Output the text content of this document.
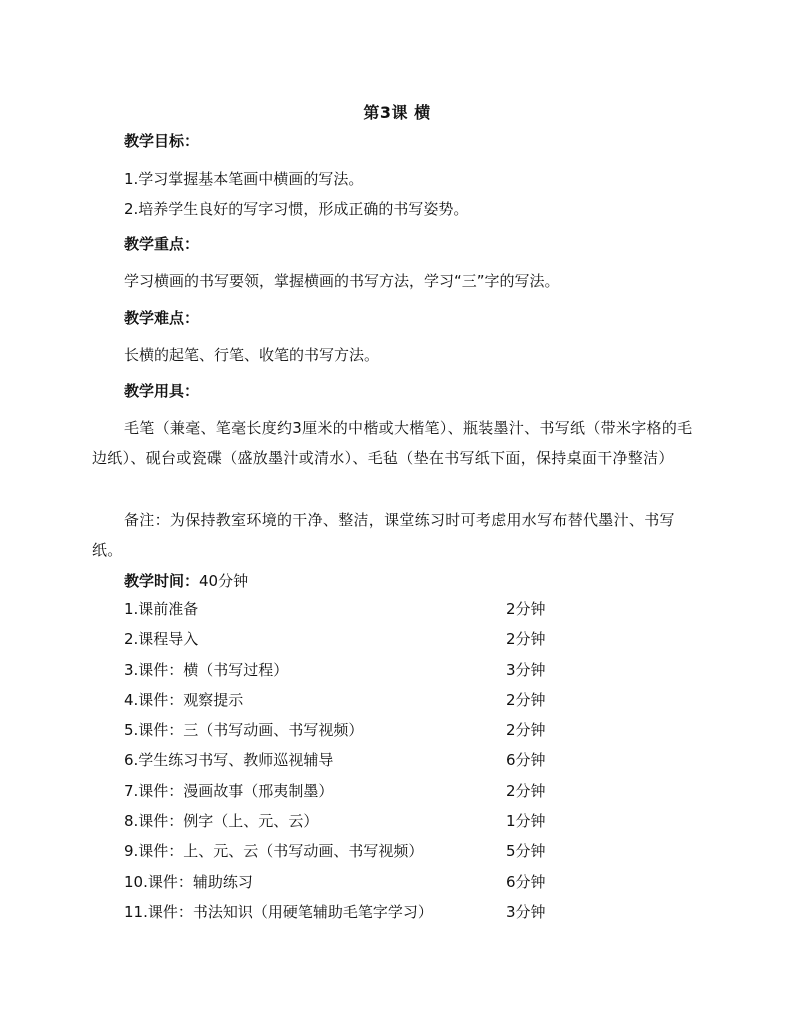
第3课 横
教学目标：
1.学习掌握基本笔画中横画的写法。
2.培养学生良好的写字习惯，形成正确的书写姿势。
教学重点：
学习横画的书写要领，掌握横画的书写方法，学习“三”字的写法。
教学难点：
长横的起笔、行笔、收笔的书写方法。
教学用具：
毛笔（兼毫、笔毫长度约3厘米的中楷或大楷笔）、瓶装墨汁、书写纸（带米字格的毛边纸）、砚台或瓷碟（盛放墨汁或清水）、毛毡（垫在书写纸下面，保持桌面干净整洁）
备注：为保持教室环境的干净、整洁，课堂练习时可考虑用水写布替代墨汁、书写纸。
教学时间：40分钟
1.课前准备	2分钟
2.课程导入	2分钟
3.课件：横（书写过程）	3分钟
4.课件：观察提示	2分钟
5.课件：三（书写动画、书写视频）	2分钟
6.学生练习书写、教师巡视辅导	6分钟
7.课件：漫画故事（邢夷制墨）	2分钟
8.课件：例字（上、元、云）	1分钟
9.课件：上、元、云（书写动画、书写视频）	5分钟
10.课件：辅助练习	6分钟
11.课件：书法知识（用硬笔辅助毛笔字学习）	3分钟
